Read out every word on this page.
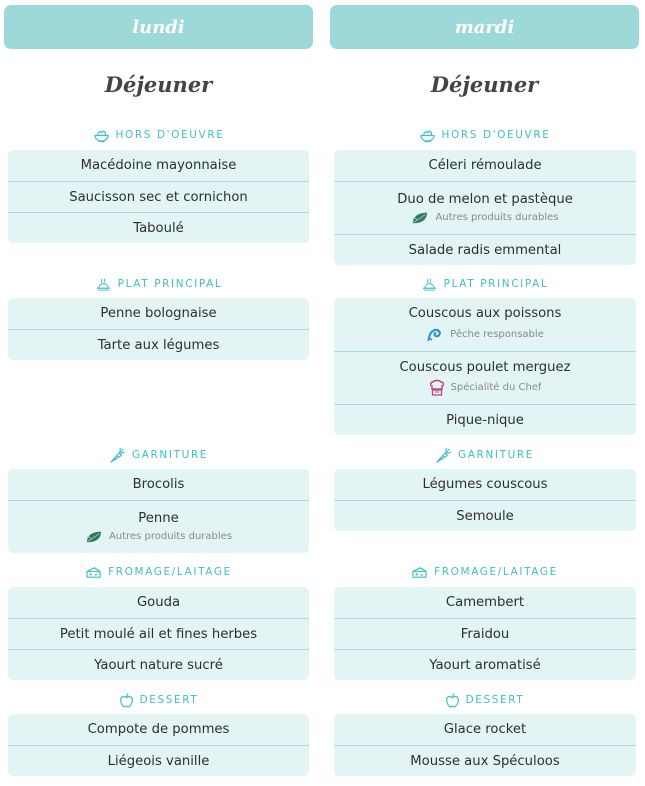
lundi
Déjeuner
HORS D'OEUVRE
Macédoine mayonnaise
Saucisson sec et cornichon
Taboulé
PLAT PRINCIPAL
Penne bolognaise
Tarte aux légumes
GARNITURE
Brocolis
Penne
Autres produits durables
FROMAGE/LAITAGE
Gouda
Petit moulé ail et fines herbes
Yaourt nature sucré
DESSERT
Compote de pommes
Liégeois vanille
mardi
Déjeuner
HORS D'OEUVRE
Céleri rémoulade
Duo de melon et pastèque
Autres produits durables
Salade radis emmental
PLAT PRINCIPAL
Couscous aux poissons
Pêche responsable
Couscous poulet merguez
Spécialité du Chef
Pique-nique
GARNITURE
Légumes couscous
Semoule
FROMAGE/LAITAGE
Camembert
Fraidou
Yaourt aromatisé
DESSERT
Glace rocket
Mousse aux Spéculoos
